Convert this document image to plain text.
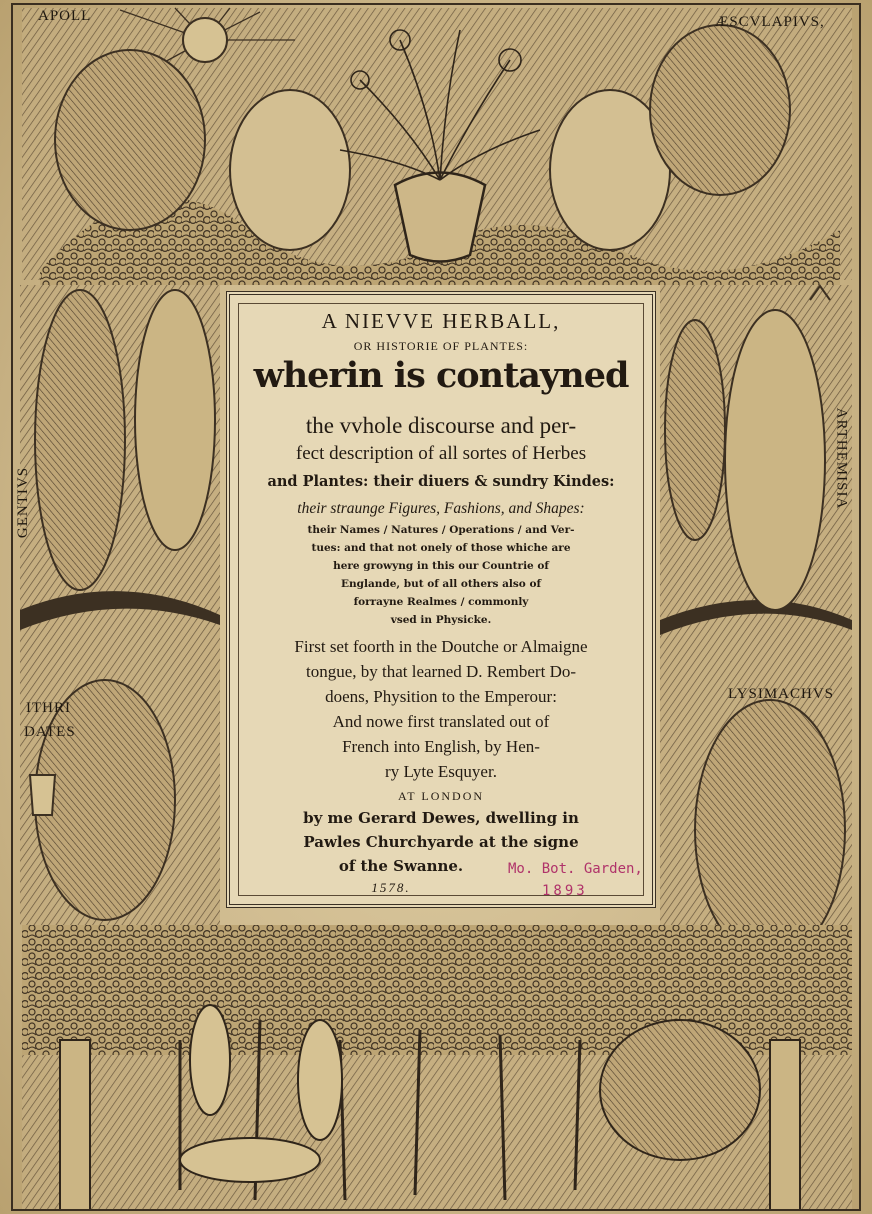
APOLL	ÆSCVLAPIVS,
GENTIVS	ARTHEMISIA
ITHRI
DATES
LYSIMACHVS
A NIEVVE HERBALL,
OR HISTORIE OF PLANTES:
wherin is contayned
the vvhole discourse and per-
fect description of all sortes of Herbes
and Plantes: their diuers & sundry Kindes:
their straunge Figures, Fashions, and Shapes:
their Names / Natures / Operations / and Ver-
tues: and that not onely of those whiche are
here growyng in this our Countrie of
Englande, but of all others also of
forrayne Realmes / commonly
vsed in Physicke.
First set foorth in the Doutche or Almaigne
tongue, by that learned D. Rembert Do-
doens, Physition to the Emperour:
And nowe first translated out of
French into English, by Hen-
ry Lyte Esquyer.
AT LONDON
by me Gerard Dewes, dwelling in
Pawles Churchyarde at the signe
of the Swanne.
1578.
Mo. Bot. Garden,
1893
